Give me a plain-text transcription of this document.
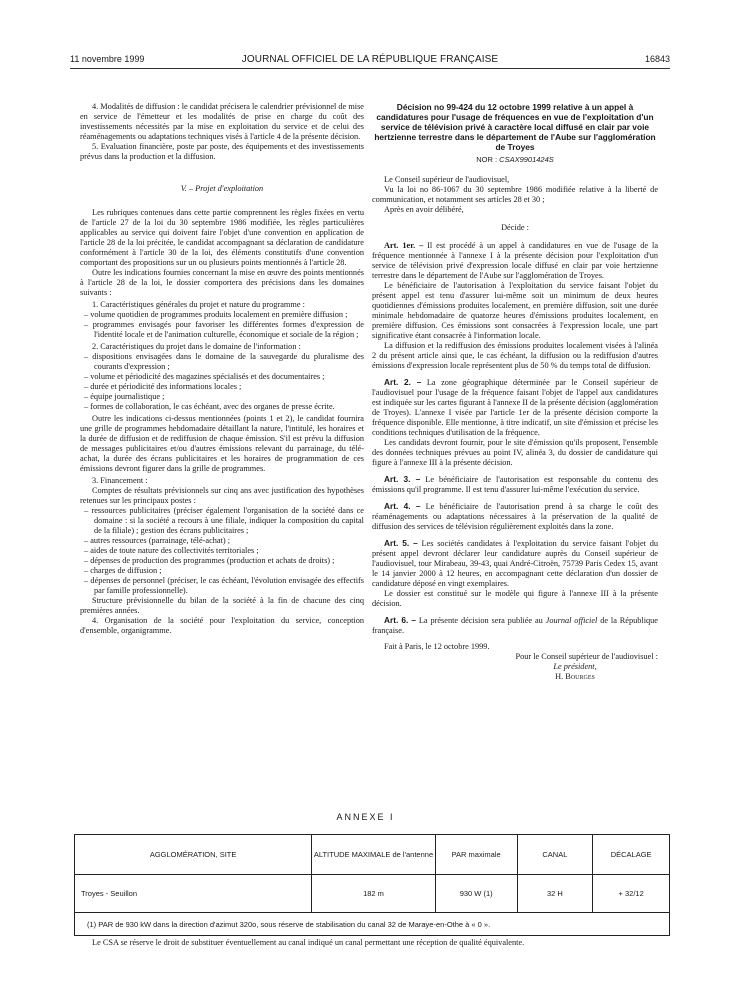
11 novembre 1999	JOURNAL OFFICIEL DE LA RÉPUBLIQUE FRANÇAISE	16843

4. Modalités de diffusion : le candidat précisera le calendrier prévisionnel de mise en service de l'émetteur et les modalités de prise en charge du coût des investissements nécessités par la mise en exploitation du service et de celui des réaménagements ou adaptations techniques visés à l'article 4 de la présente décision.

5. Evaluation financière, poste par poste, des équipements et des investissements prévus dans la production et la diffusion.

V. – Projet d'exploitation

Les rubriques contenues dans cette partie comprennent les règles fixées en vertu de l'article 27 de la loi du 30 septembre 1986 modifiée, les règles particulières applicables au service qui doivent faire l'objet d'une convention en application de l'article 28 de la loi précitée, le candidat accompagnant sa déclaration de candidature conformément à l'article 30 de la loi, des éléments constitutifs d'une convention comportant des propositions sur un ou plusieurs points mentionnés à l'article 28.

Outre les indications fournies concernant la mise en œuvre des points mentionnés à l'article 28 de la loi, le dossier comportera des précisions dans les domaines suivants :

1. Caractéristiques générales du projet et nature du programme :

– volume quotidien de programmes produits localement en première diffusion ;

– programmes envisagés pour favoriser les différentes formes d'expression de l'identité locale et de l'animation culturelle, économique et sociale de la région ;

2. Caractéristiques du projet dans le domaine de l'information :

– dispositions envisagées dans le domaine de la sauvegarde du pluralisme des courants d'expression ;

– volume et périodicité des magazines spécialisés et des documentaires ;

– durée et périodicité des informations locales ;

– équipe journalistique ;

– formes de collaboration, le cas échéant, avec des organes de presse écrite.

Outre les indications ci-dessus mentionnées (points 1 et 2), le candidat fournira une grille de programmes hebdomadaire détaillant la nature, l'intitulé, les horaires et la durée de diffusion et de rediffusion de chaque émission. S'il est prévu la diffusion de messages publicitaires et/ou d'autres émissions relevant du parrainage, du télé-achat, la durée des écrans publicitaires et les horaires de programmation de ces émissions devront figurer dans la grille de programmes.

3. Financement :

Comptes de résultats prévisionnels sur cinq ans avec justification des hypothèses retenues sur les principaux postes :

– ressources publicitaires (préciser également l'organisation de la société dans ce domaine : si la société a recours à une filiale, indiquer la composition du capital de la filiale) ; gestion des écrans publicitaires ;

– autres ressources (parrainage, télé-achat) ;

– aides de toute nature des collectivités territoriales ;

– dépenses de production des programmes (production et achats de droits) ;

– charges de diffusion ;

– dépenses de personnel (préciser, le cas échéant, l'évolution envisagée des effectifs par famille professionnelle).

Structure prévisionnelle du bilan de la société à la fin de chacune des cinq premières années.

4. Organisation de la société pour l'exploitation du service, conception d'ensemble, organigramme.

Décision no 99-424 du 12 octobre 1999 relative à un appel à candidatures pour l'usage de fréquences en vue de l'exploitation d'un service de télévision privé à caractère local diffusé en clair par voie hertzienne terrestre dans le département de l'Aube sur l'agglomération de Troyes

NOR : CSAX9901424S

Le Conseil supérieur de l'audiovisuel,

Vu la loi no 86-1067 du 30 septembre 1986 modifiée relative à la liberté de communication, et notamment ses articles 28 et 30 ;

Après en avoir délibéré,

Décide :

Art. 1er. – Il est procédé à un appel à candidatures en vue de l'usage de la fréquence mentionnée à l'annexe I à la présente décision pour l'exploitation d'un service de télévision privé d'expression locale diffusé en clair par voie hertzienne terrestre dans le département de l'Aube sur l'agglomération de Troyes.

Le bénéficiaire de l'autorisation à l'exploitation du service faisant l'objet du présent appel est tenu d'assurer lui-même soit un minimum de deux heures quotidiennes d'émissions produites localement, en première diffusion, soit une durée minimale hebdomadaire de quatorze heures d'émissions produites localement, en première diffusion. Ces émissions sont consacrées à l'expression locale, une part significative étant consacrée à l'information locale.

La diffusion et la rediffusion des émissions produites localement visées à l'alinéa 2 du présent article ainsi que, le cas échéant, la diffusion ou la rediffusion d'autres émissions d'expression locale représentent plus de 50 % du temps total de diffusion.

Art. 2. – La zone géographique déterminée par le Conseil supérieur de l'audiovisuel pour l'usage de la fréquence faisant l'objet de l'appel aux candidatures est indiquée sur les cartes figurant à l'annexe II de la présente décision (agglomération de Troyes). L'annexe I visée par l'article 1er de la présente décision comporte la fréquence disponible. Elle mentionne, à titre indicatif, un site d'émission et précise les conditions techniques d'utilisation de la fréquence.

Les candidats devront fournir, pour le site d'émission qu'ils proposent, l'ensemble des données techniques prévues au point IV, alinéa 3, du dossier de candidature qui figure à l'annexe III à la présente décision.

Art. 3. – Le bénéficiaire de l'autorisation est responsable du contenu des émissions qu'il programme. Il est tenu d'assurer lui-même l'exécution du service.

Art. 4. – Le bénéficiaire de l'autorisation prend à sa charge le coût des réaménagements ou adaptations nécessaires à la préservation de la qualité de diffusion des services de télévision régulièrement exploités dans la zone.

Art. 5. – Les sociétés candidates à l'exploitation du service faisant l'objet du présent appel devront déclarer leur candidature auprès du Conseil supérieur de l'audiovisuel, tour Mirabeau, 39-43, quai André-Citroën, 75739 Paris Cedex 15, avant le 14 janvier 2000 à 12 heures, en accompagnant cette déclaration d'un dossier de candidature déposé en vingt exemplaires.

Le dossier est constitué sur le modèle qui figure à l'annexe III à la présente décision.

Art. 6. – La présente décision sera publiée au Journal officiel de la République française.

Fait à Paris, le 12 octobre 1999.

Pour le Conseil supérieur de l'audiovisuel :

Le président,

H. Bourges

ANNEXE I
AGGLOMÉRATION, SITE	ALTITUDE MAXIMALE de l'antenne	PAR maximale	CANAL	DÉCALAGE
Troyes - Seuillon	182 m	930 W (1)	32 H	+ 32/12
(1) PAR de 930 kW dans la direction d'azimut 320o, sous réserve de stabilisation du canal 32 de Maraye-en-Othe à « 0 ».

Le CSA se réserve le droit de substituer éventuellement au canal indiqué un canal permettant une réception de qualité équivalente.
